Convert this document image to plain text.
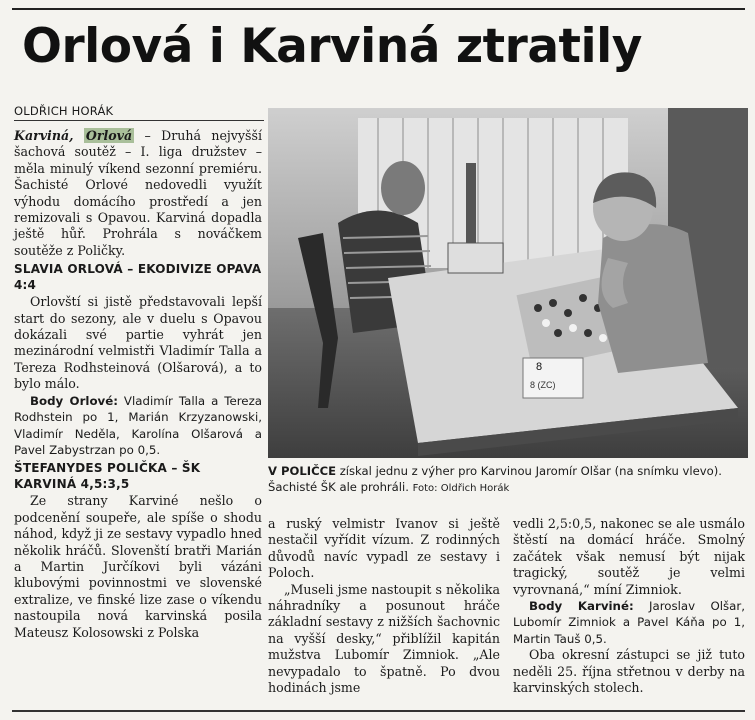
Orlová i Karviná ztratily
OLDŘICH HORÁK

Karviná, Orlová – Druhá nejvyšší šachová soutěž – I. liga družstev – měla minulý víkend sezonní premiéru. Šachisté Orlové nedovedli využít výhodu domácího prostředí a jen remizovali s Opavou. Karviná dopadla ještě hůř. Prohrála s nováčkem soutěže z Poličky.

SLAVIA ORLOVÁ – EKODIVIZE OPAVA 4:4

Orlovští si jistě představovali lepší start do sezony, ale v duelu s Opavou dokázali své partie vyhrát jen mezinárodní velmistři Vladimír Talla a Tereza Rodhsteinová (Olšarová), a to bylo málo.

Body Orlové: Vladimír Talla a Tereza Rodhstein po 1, Marián Krzyzanowski, Vladimír Neděla, Karolína Olšarová a Pavel Zabystrzan po 0,5.

ŠTEFANYDES POLIČKA – ŠK KARVINÁ 4,5:3,5

Ze strany Karviné nešlo o podcenění soupeře, ale spíše o shodu náhod, když ji ze sestavy vypadlo hned několik hráčů. Slovenští bratři Marián a Martin Jurčíkovi byli vázáni klubovými povinnostmi ve slovenské extralize, ve finské lize zase o víkendu nastoupila nová karvinská posila Mateusz Kolosowski z Polska

8
8 (ZC)
V POLIČCE získal jednu z výher pro Karvinou Jaromír Olšar (na snímku vlevo). Šachisté ŠK ale prohráli. Foto: Oldřich Horák

a ruský velmistr Ivanov si ještě nestačil vyřídit vízum. Z rodinných důvodů navíc vypadl ze sestavy i Poloch.

„Museli jsme nastoupit s několika náhradníky a posunout hráče základní sestavy z nižších šachovnic na vyšší desky,“ přiblížil kapitán mužstva Lubomír Zimniok. „Ale nevypadalo to špatně. Po dvou hodinách jsme

vedli 2,5:0,5, nakonec se ale usmálo štěstí na domácí hráče. Smolný začátek však nemusí být nijak tragický, soutěž je velmi vyrovnaná,“ míní Zimniok.

Body Karviné: Jaroslav Olšar, Lubomír Zimniok a Pavel Káňa po 1, Martin Tauš 0,5.

Oba okresní zástupci se již tuto neděli 25. října střetnou v derby na karvinských stolech.
